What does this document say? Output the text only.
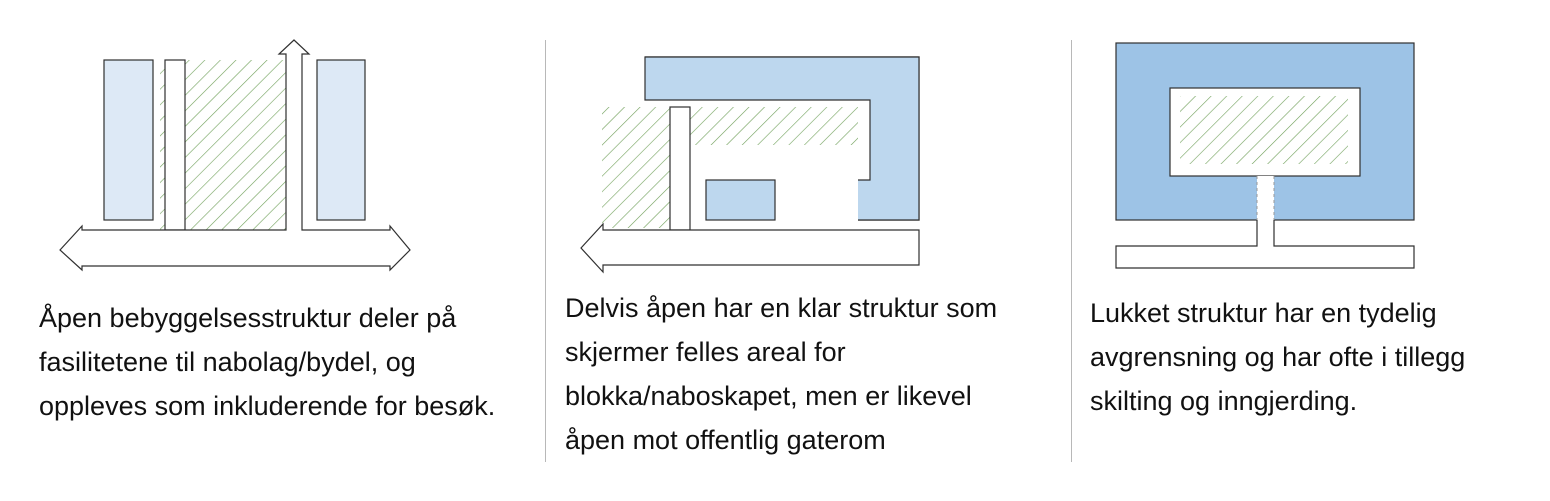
Åpen bebyggelsesstruktur deler på
fasilitetene til nabolag/bydel, og
oppleves som inkluderende for besøk.

Delvis åpen har en klar struktur som
skjermer felles areal for
blokka/naboskapet, men er likevel
åpen mot offentlig gaterom

Lukket struktur har en tydelig
avgrensning og har ofte i tillegg
skilting og inngjerding.
